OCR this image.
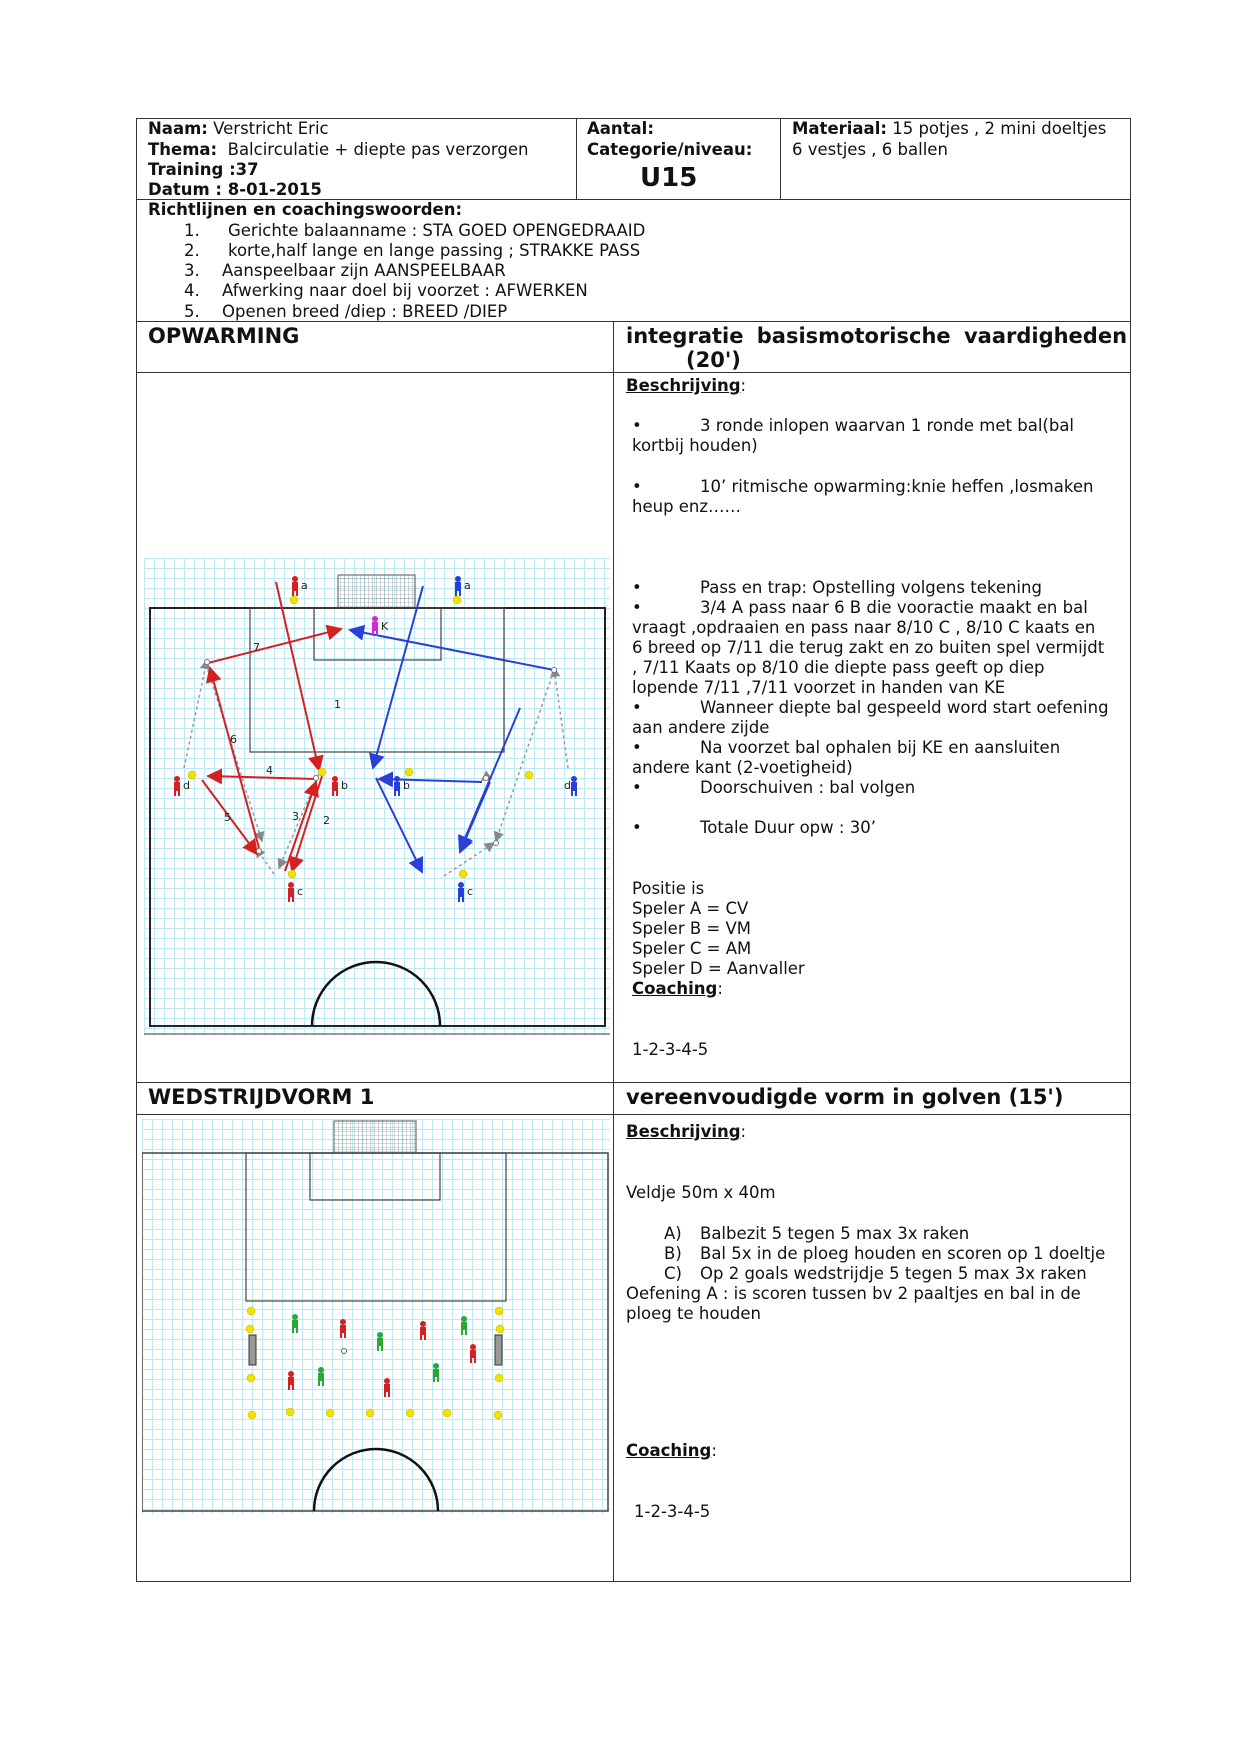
Naam: Verstricht Eric
Thema: Balcirculatie + diepte pas verzorgen
Training :37
Datum : 8-01-2015
Aantal:
Categorie/niveau:
U15
Materiaal: 15 potjes , 2 mini doeltjes
6 vestjes , 6 ballen
Richtlijnen en coachingswoorden:
1. Gerichte balaanname : STA GOED OPENGEDRAAID
2. korte,half lange en lange passing ; STRAKKE PASS
3. Aanspeelbaar zijn AANSPEELBAAR
4. Afwerking naar doel bij voorzet : AFWERKEN
5. Openen breed /diep : BREED /DIEP
OPWARMING	integratie basismotorische vaardigheden
(20')
7
1
6
4
5	3 2
K
a	a
d	b	b	d
c	c
Beschrijving:
•	3 ronde inlopen waarvan 1 ronde met bal(bal
kortbij houden)
•	10’ ritmische opwarming:knie heffen ,losmaken
heup enz……
•	Pass en trap: Opstelling volgens tekening
•	3/4 A pass naar 6 B die vooractie maakt en bal
vraagt ,opdraaien en pass naar 8/10 C , 8/10 C kaats en
6 breed op 7/11 die terug zakt en zo buiten spel vermijdt
, 7/11 Kaats op 8/10 die diepte pass geeft op diep
lopende 7/11 ,7/11 voorzet in handen van KE
•	Wanneer diepte bal gespeeld word start oefening
aan andere zijde
•	Na voorzet bal ophalen bij KE en aansluiten
andere kant (2-voetigheid)
•	Doorschuiven : bal volgen
•	Totale Duur opw : 30’
Positie is
Speler A = CV
Speler B = VM
Speler C = AM
Speler D = Aanvaller
Coaching:
1-2-3-4-5
WEDSTRIJDVORM 1	vereenvoudigde vorm in golven (15')
Beschrijving:
Veldje 50m x 40m
A) Balbezit 5 tegen 5 max 3x raken
B) Bal 5x in de ploeg houden en scoren op 1 doeltje
C) Op 2 goals wedstrijdje 5 tegen 5 max 3x raken
Oefening A : is scoren tussen bv 2 paaltjes en bal in de
ploeg te houden
Coaching:
1-2-3-4-5
